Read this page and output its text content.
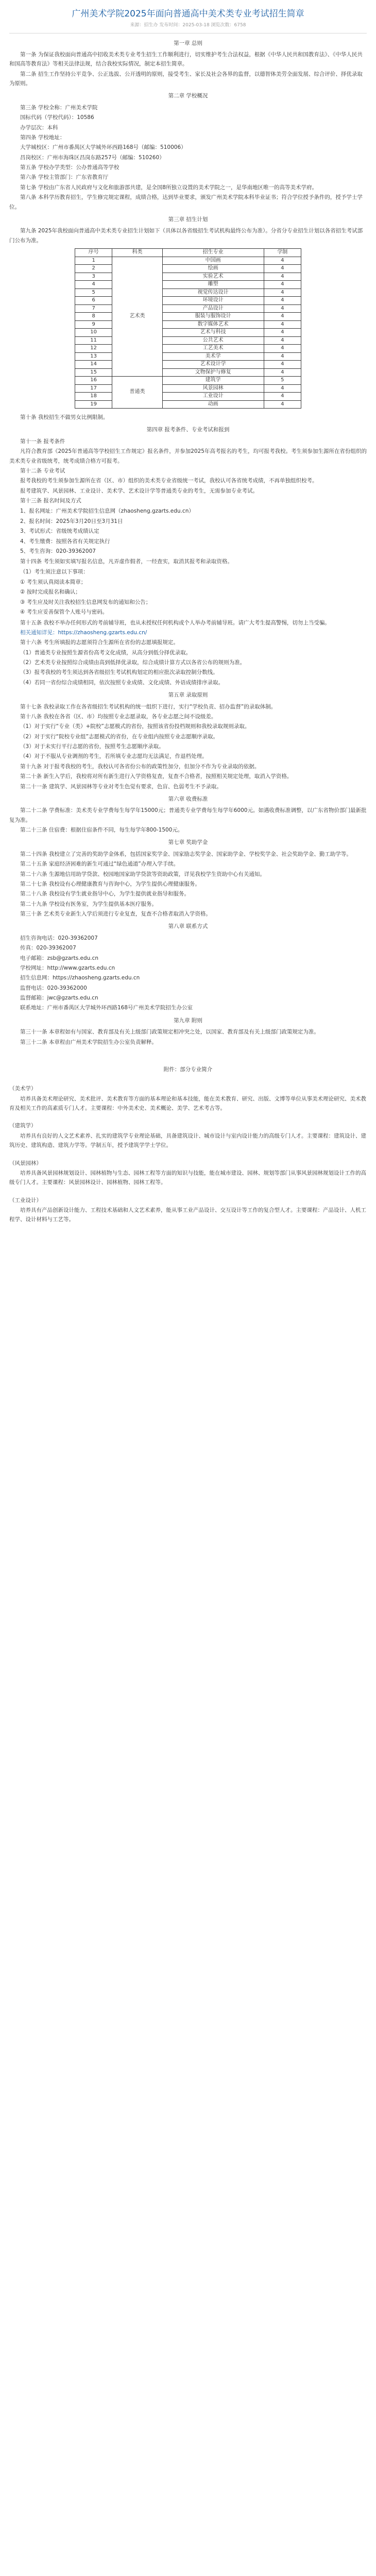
广州美术学院2025年面向普通高中美术类专业考试招生简章
来源：招生办 发布时间：2025-03-18 浏览次数：6758
第一章 总则

第一条 为保证我校面向普通高中招收美术类专业考生招生工作顺利进行，切实维护考生合法权益，根据《中华人民共和国教育法》、《中华人民共和国高等教育法》等相关法律法规，结合我校实际情况，制定本招生简章。

第二条 招生工作坚持公平竞争、公正选拔、公开透明的原则，接受考生、家长及社会各界的监督，以德智体美劳全面发展、综合评价、择优录取为原则。

第二章 学校概况

第三条 学校全称：广州美术学院

国标代码（学校代码）：10586

办学层次：本科

第四条 学校地址：

大学城校区：广州市番禺区大学城外环西路168号（邮编：510006）

昌岗校区：广州市海珠区昌岗东路257号（邮编：510260）

第五条 学校办学类型：公办普通高等学校

第六条 学校主管部门：广东省教育厅

第七条 学校由广东省人民政府与文化和旅游部共建，是全国8所独立设置的美术学院之一，是华南地区唯一的高等美术学府。

第八条 本科学历教育招生，学生修完规定课程，成绩合格，达到毕业要求，颁发广州美术学院本科毕业证书；符合学位授予条件的，授予学士学位。

第三章 招生计划

第九条 2025年我校面向普通高中美术类专业招生计划如下（具体以各省级招生考试机构最终公布为准）。分省分专业招生计划以各省招生考试部门公布为准。

序号	科类	招生专业	学制
1	艺术类	中国画	4
2		绘画	4
3		实验艺术	4
4		雕塑	4
5		视觉传达设计	4
6		环境设计	4
7		产品设计	4
8		服装与服饰设计	4
9		数字媒体艺术	4
10		艺术与科技	4
11		公共艺术	4
12		工艺美术	4
13		美术学	4
14		艺术设计学	4
15		文物保护与修复	4
16	普通类	建筑学	5
17		风景园林	4
18		工业设计	4
19		动画	4

第十条 我校招生不做男女比例限制。

第四章 报考条件、专业考试和报到

第十一条 报考条件

凡符合教育部《2025年普通高等学校招生工作规定》报名条件，并参加2025年高考报名的考生，均可报考我校。考生须参加生源所在省份组织的美术类专业省级统考，统考成绩合格方可报考。

第十二条 专业考试

报考我校的考生须参加生源所在省（区、市）组织的美术类专业省级统一考试，我校认可各省统考成绩，不再单独组织校考。

报考建筑学、风景园林、工业设计、美术学、艺术设计学等普通类专业的考生，无需参加专业考试。

第十三条 报名时间及方式

1、报名网址：广州美术学院招生信息网（zhaosheng.gzarts.edu.cn）

2、报名时间：2025年3月20日至3月31日

3、考试形式：省级统考成绩认定

4、考生缴费：按照各省有关规定执行

5、考生咨询：020-39362007

第十四条 考生须如实填写报名信息，凡弄虚作假者，一经查实，取消其报考和录取资格。

（1）考生须注意以下事项：

① 考生须认真阅读本简章；

② 按时完成报名和确认；

③ 考生应及时关注我校招生信息网发布的通知和公告；

④ 考生应妥善保管个人账号与密码。

第十五条 我校不举办任何形式的考前辅导班，也从未授权任何机构或个人举办考前辅导班。请广大考生提高警惕，切勿上当受骗。

相关通知详见：https://zhaosheng.gzarts.edu.cn/

第十六条 考生所填报的志愿须符合生源所在省份的志愿填报规定。

（1）普通类专业按照生源省份高考文化成绩，从高分到低分择优录取。

（2）艺术类专业按照综合成绩由高到低择优录取，综合成绩计算方式以各省公布的规则为准。

（3）报考我校的考生须达到各省级招生考试机构划定的相应批次录取控制分数线。

（4）若同一省份综合成绩相同，依次按照专业成绩、文化成绩、外语成绩排序录取。

第五章 录取原则

第十七条 我校录取工作在各省级招生考试机构的统一组织下进行，实行“学校负责、招办监督”的录取体制。

第十八条 我校在各省（区、市）均按照专业志愿录取，各专业志愿之间不设级差。

（1）对于实行“专业（类）+院校”志愿模式的省份，按照该省份投档规则和我校录取规则录取。

（2）对于实行“院校专业组”志愿模式的省份，在专业组内按照专业志愿顺序录取。

（3）对于未实行平行志愿的省份，按照考生志愿顺序录取。

（4）对于不服从专业调剂的考生，若所填专业志愿均无法满足，作退档处理。

第十九条 对于报考我校的考生，我校认可各省份公布的政策性加分，但加分不作为专业录取的依据。

第二十条 新生入学后，我校将对所有新生进行入学资格复查，复查不合格者，按照相关规定处理，取消入学资格。

第二十一条 建筑学、风景园林等专业对考生色觉有要求，色盲、色弱考生不予录取。

第六章 收费标准

第二十二条 学费标准：美术类专业学费每生每学年15000元；普通类专业学费每生每学年6000元。如遇收费标准调整，以广东省物价部门最新批复为准。

第二十三条 住宿费：根据住宿条件不同，每生每学年800-1500元。

第七章 奖助学金

第二十四条 我校建立了完善的奖助学金体系，包括国家奖学金、国家励志奖学金、国家助学金、学校奖学金、社会奖助学金、勤工助学等。

第二十五条 家庭经济困难的新生可通过“绿色通道”办理入学手续。

第二十六条 生源地信用助学贷款、校园地国家助学贷款等资助政策，详见我校学生资助中心有关通知。

第二十七条 我校设有心理健康教育与咨询中心，为学生提供心理健康服务。

第二十八条 我校设有学生就业指导中心，为学生提供就业指导和服务。

第二十九条 学校设有医务室，为学生提供基本医疗服务。

第三十条 艺术类专业新生入学后须进行专业复查，复查不合格者取消入学资格。

第八章 联系方式

招生咨询电话：020-39362007

传真：020-39362007

电子邮箱：zsb@gzarts.edu.cn

学校网址：http://www.gzarts.edu.cn

招生信息网：https://zhaosheng.gzarts.edu.cn

监督电话：020-39362000

监督邮箱：jwc@gzarts.edu.cn

联系地址：广州市番禺区大学城外环西路168号广州美术学院招生办公室

第九章 附则

第三十一条 本章程如有与国家、教育部及有关上级部门政策规定相冲突之处，以国家、教育部及有关上级部门政策规定为准。

第三十二条 本章程由广州美术学院招生办公室负责解释。

附件：部分专业简介

（美术学）

培养具备美术理论研究、美术批评、美术教育等方面的基本理论和基本技能，能在美术教育、研究、出版、文博等单位从事美术理论研究、美术教育及相关工作的高素质专门人才。主要课程：中外美术史、美术概论、美学、艺术考古等。

（建筑学）

培养具有良好的人文艺术素养、扎实的建筑学专业理论基础，具备建筑设计、城市设计与室内设计能力的高级专门人才。主要课程：建筑设计、建筑历史、建筑构造、建筑力学等。学制五年，授予建筑学学士学位。

（风景园林）

培养具备风景园林规划设计、园林植物与生态、园林工程等方面的知识与技能，能在城市建设、园林、规划等部门从事风景园林规划设计工作的高级专门人才。主要课程：风景园林设计、园林植物、园林工程等。

（工业设计）

培养具有产品创新设计能力、工程技术基础和人文艺术素养，能从事工业产品设计、交互设计等工作的复合型人才。主要课程：产品设计、人机工程学、设计材料与工艺等。
